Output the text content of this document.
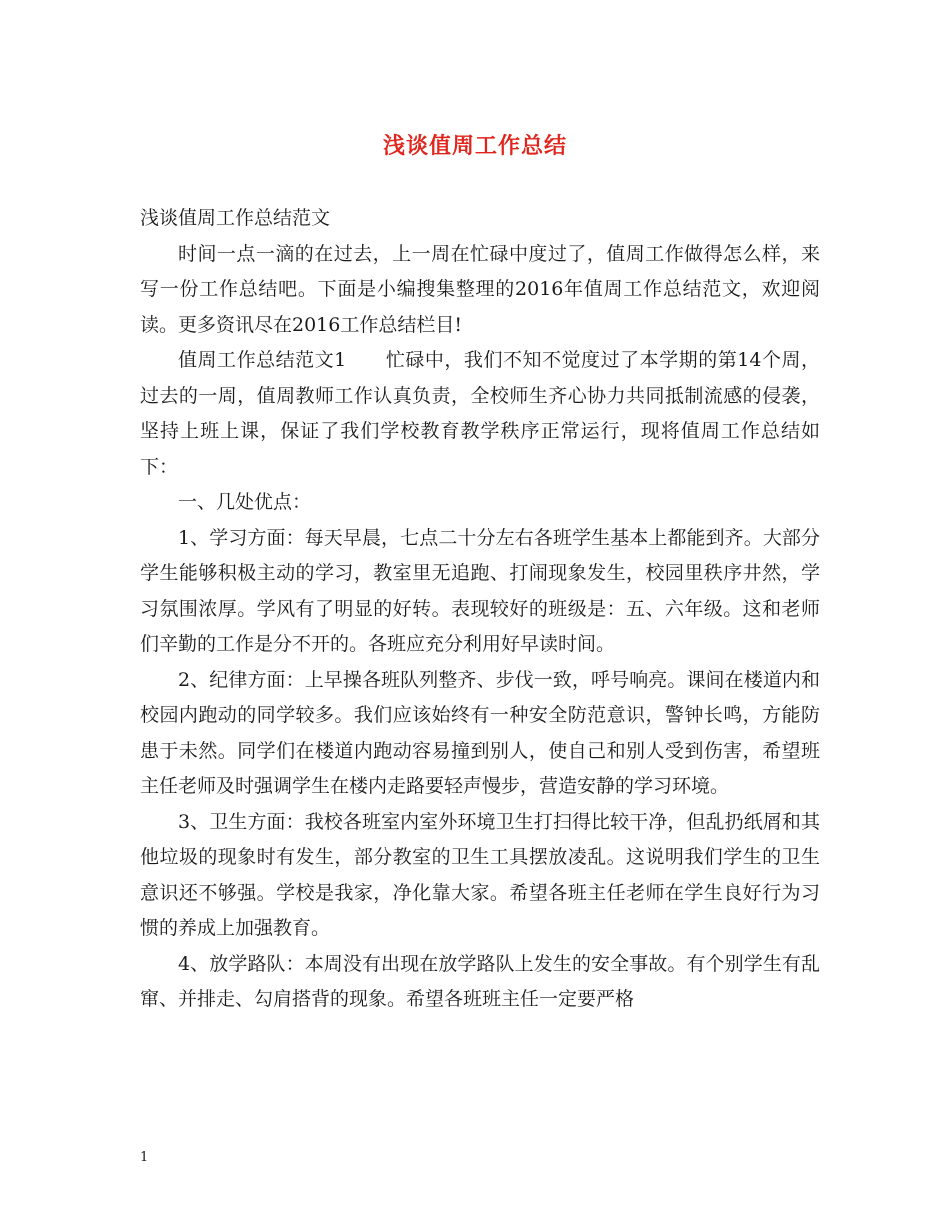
浅谈值周工作总结

浅谈值周工作总结范文

时间一点一滴的在过去，上一周在忙碌中度过了，值周工作做得怎么样，来写一份工作总结吧。下面是小编搜集整理的2016年值周工作总结范文，欢迎阅读。更多资讯尽在2016工作总结栏目!

值周工作总结范文1　　忙碌中，我们不知不觉度过了本学期的第14个周，过去的一周，值周教师工作认真负责，全校师生齐心协力共同抵制流感的侵袭，坚持上班上课，保证了我们学校教育教学秩序正常运行，现将值周工作总结如下：

一、几处优点：

1、学习方面：每天早晨，七点二十分左右各班学生基本上都能到齐。大部分学生能够积极主动的学习，教室里无追跑、打闹现象发生，校园里秩序井然，学习氛围浓厚。学风有了明显的好转。表现较好的班级是：五、六年级。这和老师们辛勤的工作是分不开的。各班应充分利用好早读时间。

2、纪律方面：上早操各班队列整齐、步伐一致，呼号响亮。课间在楼道内和校园内跑动的同学较多。我们应该始终有一种安全防范意识，警钟长鸣，方能防患于未然。同学们在楼道内跑动容易撞到别人，使自己和别人受到伤害，希望班主任老师及时强调学生在楼内走路要轻声慢步，营造安静的学习环境。

3、卫生方面：我校各班室内室外环境卫生打扫得比较干净，但乱扔纸屑和其他垃圾的现象时有发生，部分教室的卫生工具摆放凌乱。这说明我们学生的卫生意识还不够强。学校是我家，净化靠大家。希望各班主任老师在学生良好行为习惯的养成上加强教育。

4、放学路队：本周没有出现在放学路队上发生的安全事故。有个别学生有乱窜、并排走、勾肩搭背的现象。希望各班班主任一定要严格

1
